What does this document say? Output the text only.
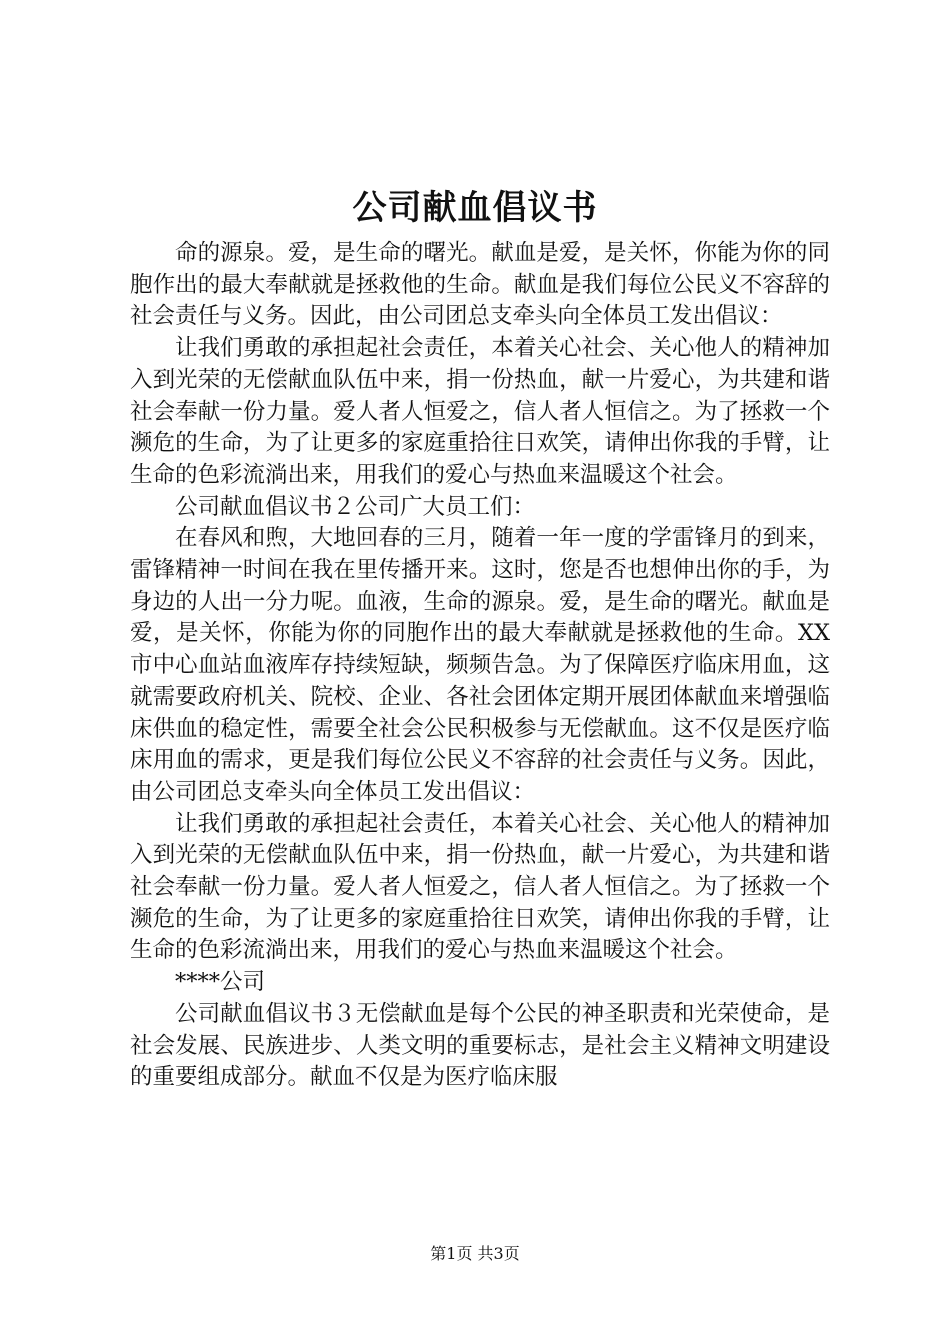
公司献血倡议书

命的源泉。爱，是生命的曙光。献血是爱，是关怀，你能为你的同胞作出的最大奉献就是拯救他的生命。献血是我们每位公民义不容辞的社会责任与义务。因此，由公司团总支牵头向全体员工发出倡议：

让我们勇敢的承担起社会责任，本着关心社会、关心他人的精神加入到光荣的无偿献血队伍中来，捐一份热血，献一片爱心，为共建和谐社会奉献一份力量。爱人者人恒爱之，信人者人恒信之。为了拯救一个濒危的生命，为了让更多的家庭重拾往日欢笑，请伸出你我的手臂，让生命的色彩流淌出来，用我们的爱心与热血来温暖这个社会。

公司献血倡议书２公司广大员工们：

在春风和煦，大地回春的三月，随着一年一度的学雷锋月的到来，雷锋精神一时间在我在里传播开来。这时，您是否也想伸出你的手，为身边的人出一分力呢。血液，生命的源泉。爱，是生命的曙光。献血是爱，是关怀，你能为你的同胞作出的最大奉献就是拯救他的生命。XX市中心血站血液库存持续短缺，频频告急。为了保障医疗临床用血，这就需要政府机关、院校、企业、各社会团体定期开展团体献血来增强临床供血的稳定性，需要全社会公民积极参与无偿献血。这不仅是医疗临床用血的需求，更是我们每位公民义不容辞的社会责任与义务。因此，由公司团总支牵头向全体员工发出倡议：

让我们勇敢的承担起社会责任，本着关心社会、关心他人的精神加入到光荣的无偿献血队伍中来，捐一份热血，献一片爱心，为共建和谐社会奉献一份力量。爱人者人恒爱之，信人者人恒信之。为了拯救一个濒危的生命，为了让更多的家庭重拾往日欢笑，请伸出你我的手臂，让生命的色彩流淌出来，用我们的爱心与热血来温暖这个社会。

****公司

公司献血倡议书３无偿献血是每个公民的神圣职责和光荣使命，是社会发展、民族进步、人类文明的重要标志，是社会主义精神文明建设的重要组成部分。献血不仅是为医疗临床服

第1页 共3页
